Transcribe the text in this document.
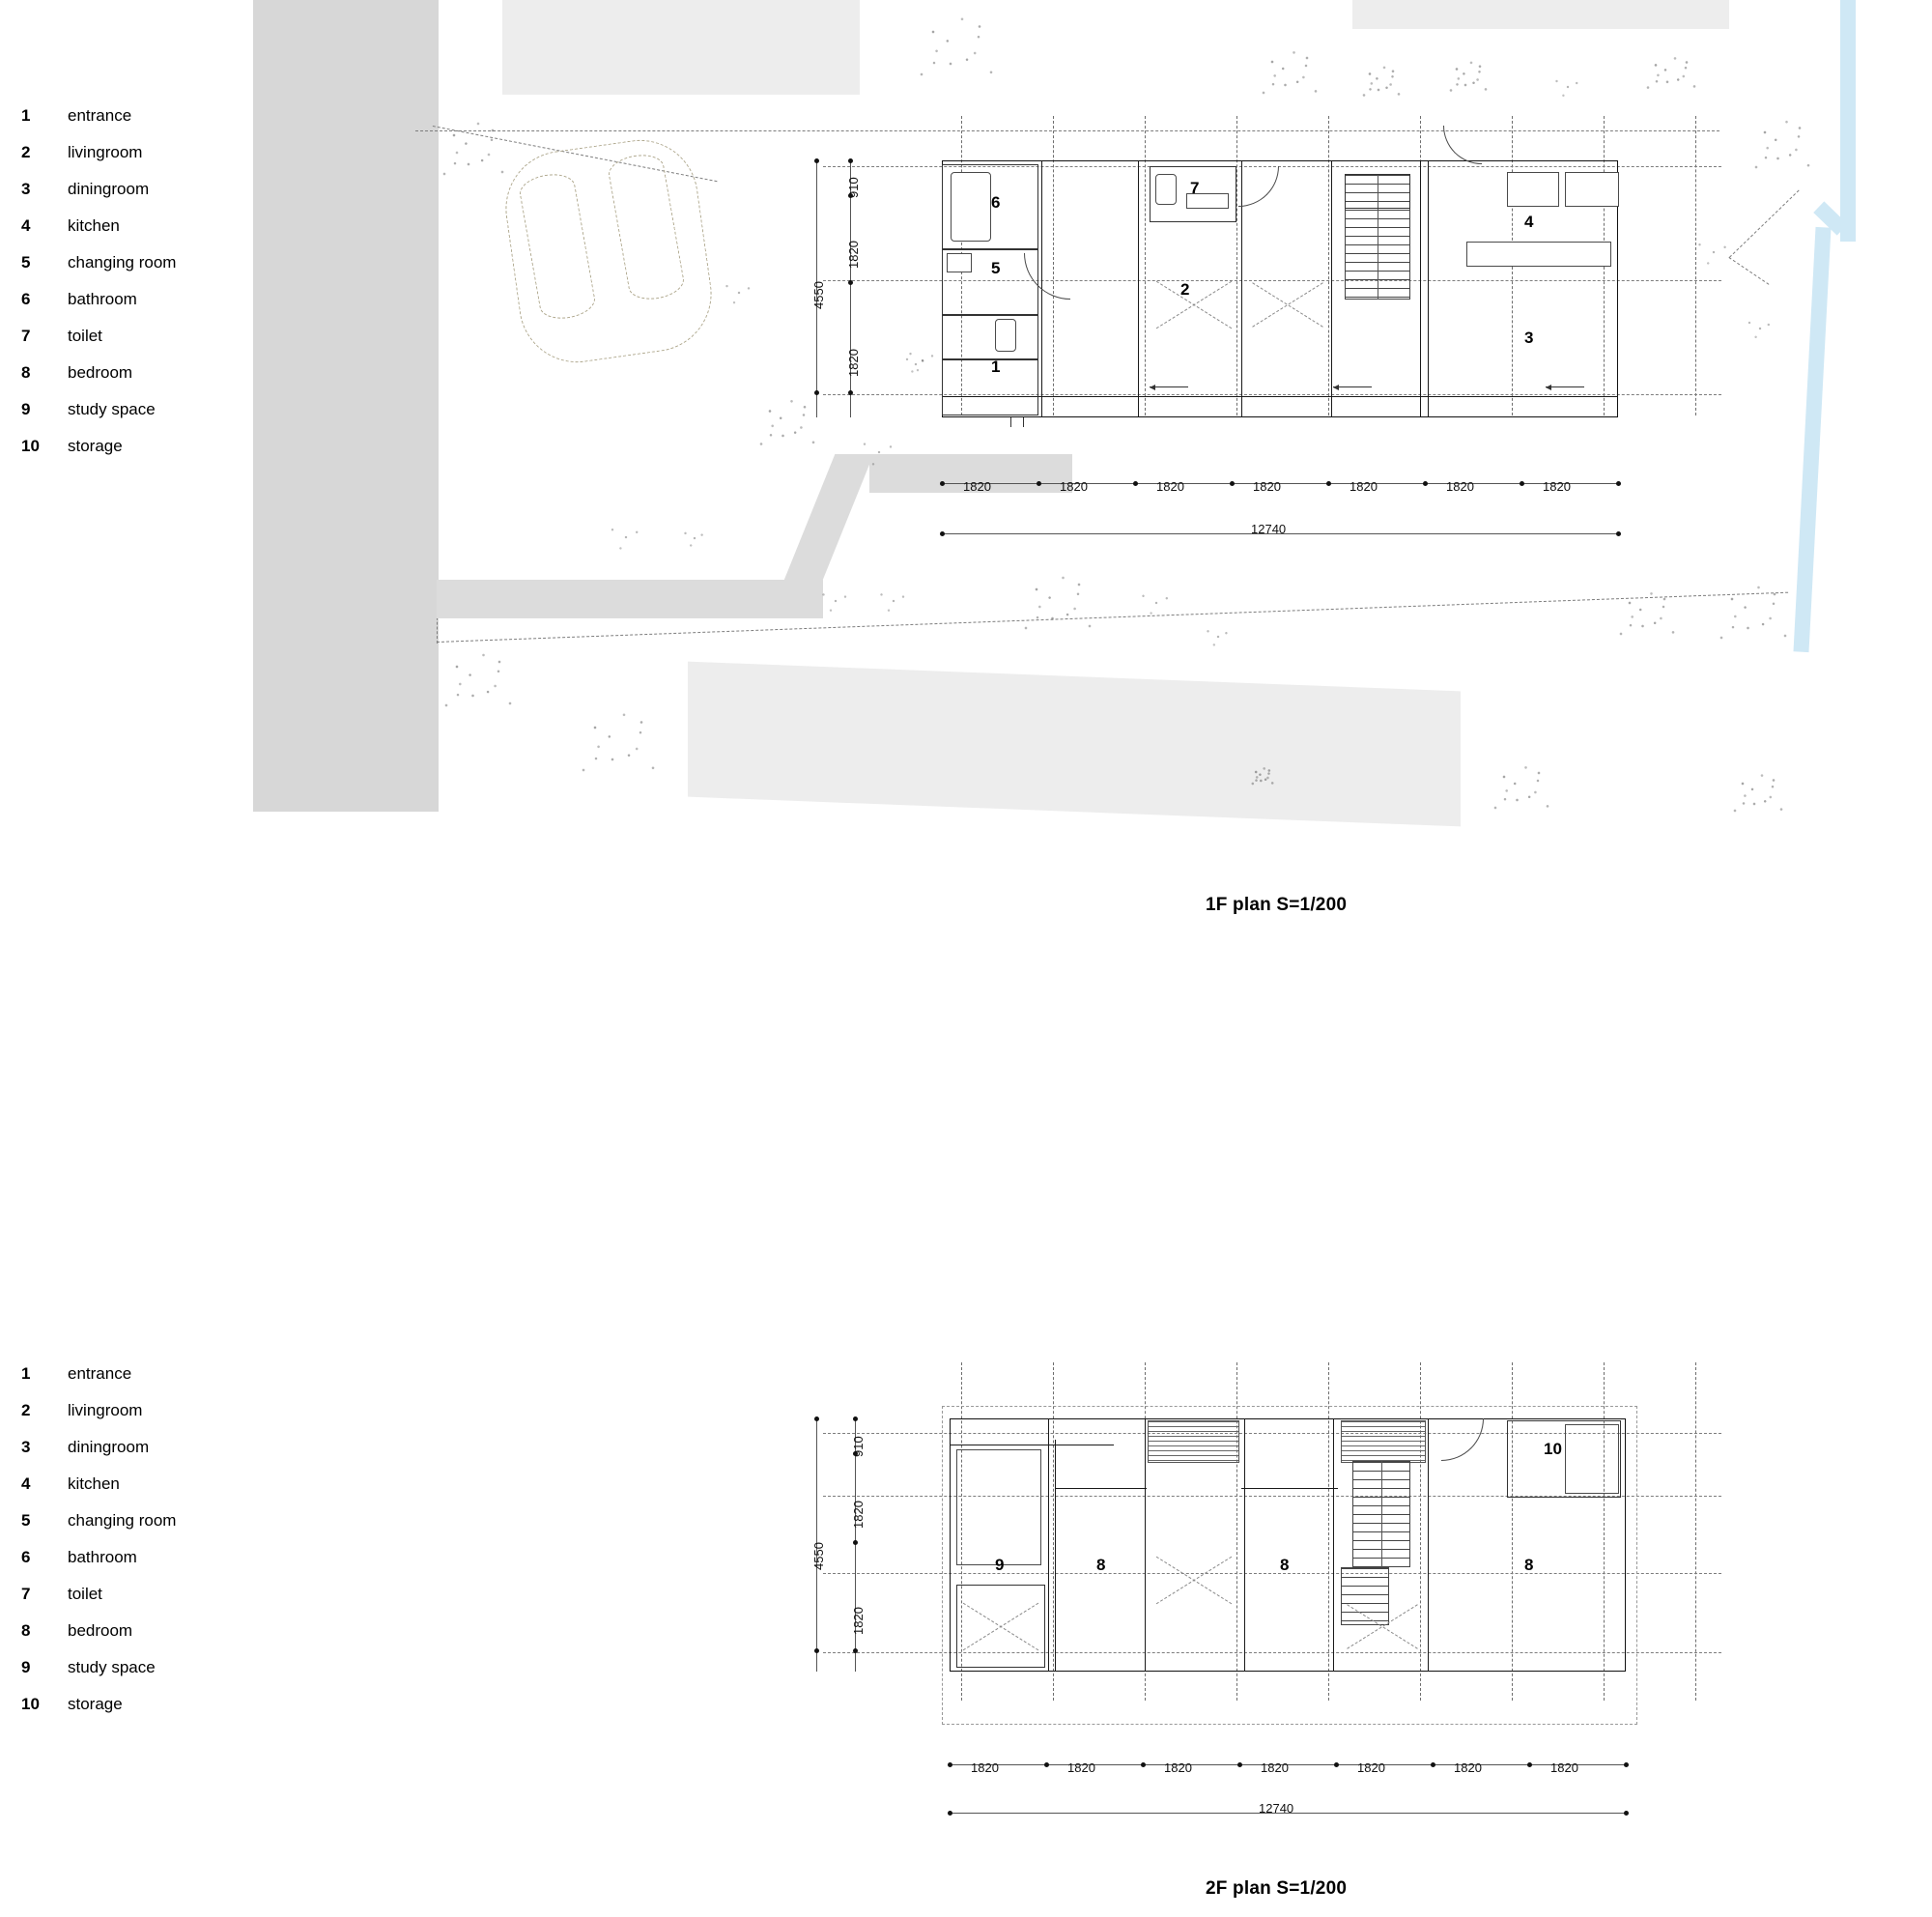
1	entrance
2	livingroom
3	diningroom
4	kitchen
5	changing room
6	bathroom
7	toilet
8	bedroom
9	study space
10	storage
6
5
1
7
2
4
3
4550
910
1820
1820
1820	1820	1820	1820	1820	1820	1820
12740
1F plan S=1/200
1	entrance
2	livingroom
3	diningroom
4	kitchen
5	changing room
6	bathroom
7	toilet
8	bedroom
9	study space
10	storage
9	8	8
10
8
4550
910
1820
1820
1820	1820	1820	1820	1820	1820	1820
12740
2F plan S=1/200
